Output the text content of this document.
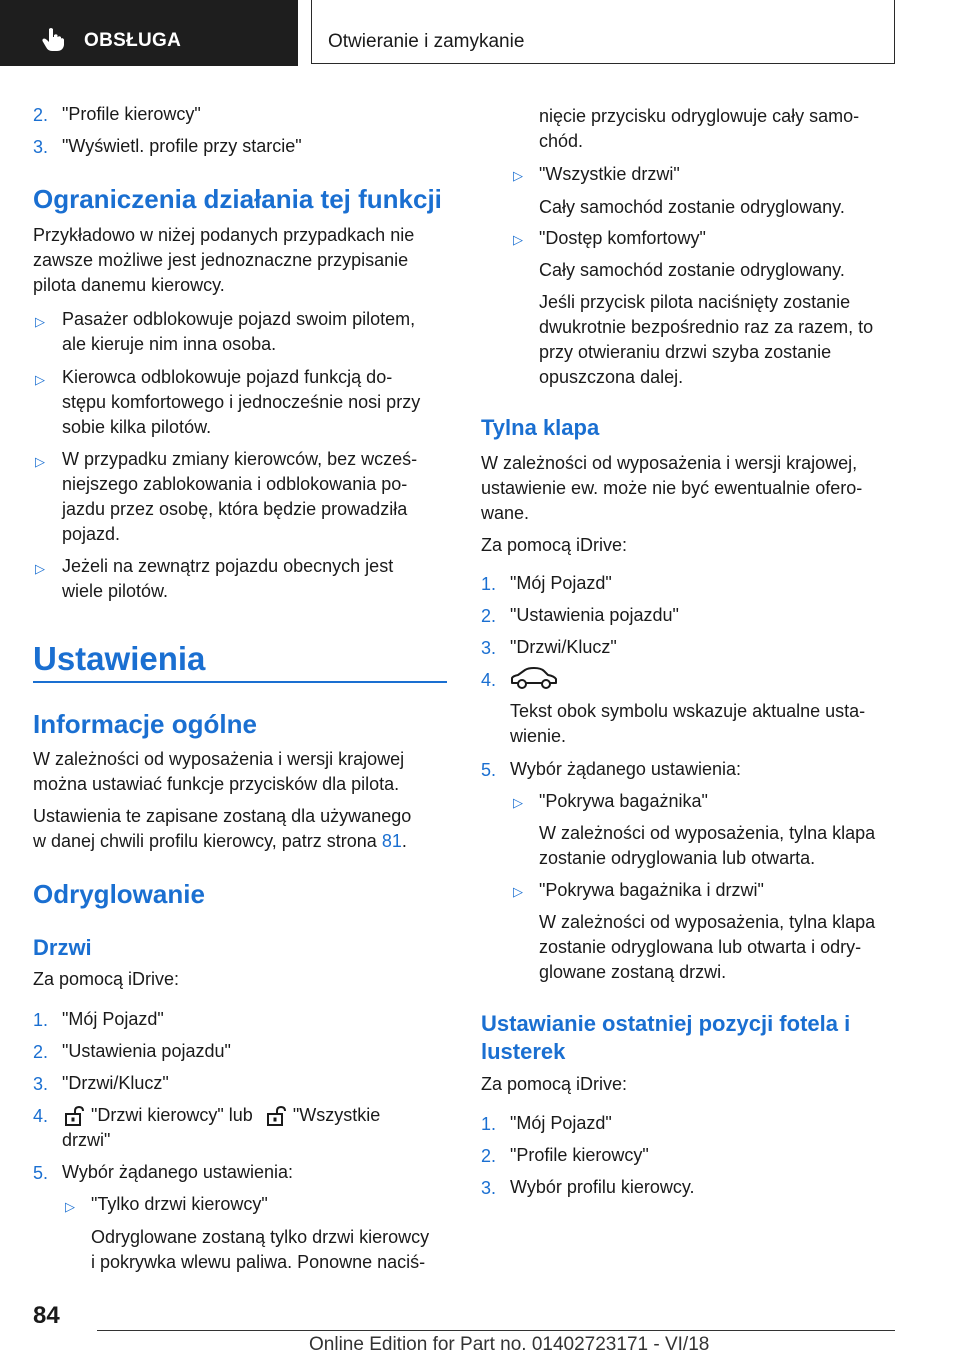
OBSŁUGA	Otwieranie i zamykanie
2. "Profile kierowcy"
3. "Wyświetl. profile przy starcie"
Ograniczenia działania tej funkcji
Przykładowo w niżej podanych przypadkach nie
zawsze możliwe jest jednoznaczne przypisanie
pilota danemu kierowcy.
▷ Pasażer odblokowuje pojazd swoim pilotem,
ale kieruje nim inna osoba.
▷ Kierowca odblokowuje pojazd funkcją do‐
stępu komfortowego i jednocześnie nosi przy
sobie kilka pilotów.
▷ W przypadku zmiany kierowców, bez wcześ‐
niejszego zablokowania i odblokowania po‐
jazdu przez osobę, która będzie prowadziła
pojazd.
▷ Jeżeli na zewnątrz pojazdu obecnych jest
wiele pilotów.
Ustawienia
Informacje ogólne
W zależności od wyposażenia i wersji krajowej
można ustawiać funkcje przycisków dla pilota.
Ustawienia te zapisane zostaną dla używanego
w danej chwili profilu kierowcy, patrz strona 81.
Odryglowanie
Drzwi
Za pomocą iDrive:
1. "Mój Pojazd"
2. "Ustawienia pojazdu"
3. "Drzwi/Klucz"
4.	"Drzwi kierowcy" lub "Wszystkie
drzwi"
5. Wybór żądanego ustawienia:
▷ "Tylko drzwi kierowcy"
Odryglowane zostaną tylko drzwi kierowcy
i pokrywka wlewu paliwa. Ponowne naciś‐
nięcie przycisku odryglowuje cały samo‐
chód.
▷ "Wszystkie drzwi"
Cały samochód zostanie odryglowany.
▷ "Dostęp komfortowy"
Cały samochód zostanie odryglowany.
Jeśli przycisk pilota naciśnięty zostanie
dwukrotnie bezpośrednio raz za razem, to
przy otwieraniu drzwi szyba zostanie
opuszczona dalej.
Tylna klapa
W zależności od wyposażenia i wersji krajowej,
ustawienie ew. może nie być ewentualnie ofero‐
wane.
Za pomocą iDrive:
1. "Mój Pojazd"
2. "Ustawienia pojazdu"
3. "Drzwi/Klucz"
4.
Tekst obok symbolu wskazuje aktualne usta‐
wienie.
5. Wybór żądanego ustawienia:
▷ "Pokrywa bagażnika"
W zależności od wyposażenia, tylna klapa
zostanie odryglowania lub otwarta.
▷ "Pokrywa bagażnika i drzwi"
W zależności od wyposażenia, tylna klapa
zostanie odryglowana lub otwarta i odry‐
glowane zostaną drzwi.
Ustawianie ostatniej pozycji fotela i
lusterek
Za pomocą iDrive:
1. "Mój Pojazd"
2. "Profile kierowcy"
3. Wybór profilu kierowcy.
84
Online Edition for Part no. 01402723171 - VI/18
